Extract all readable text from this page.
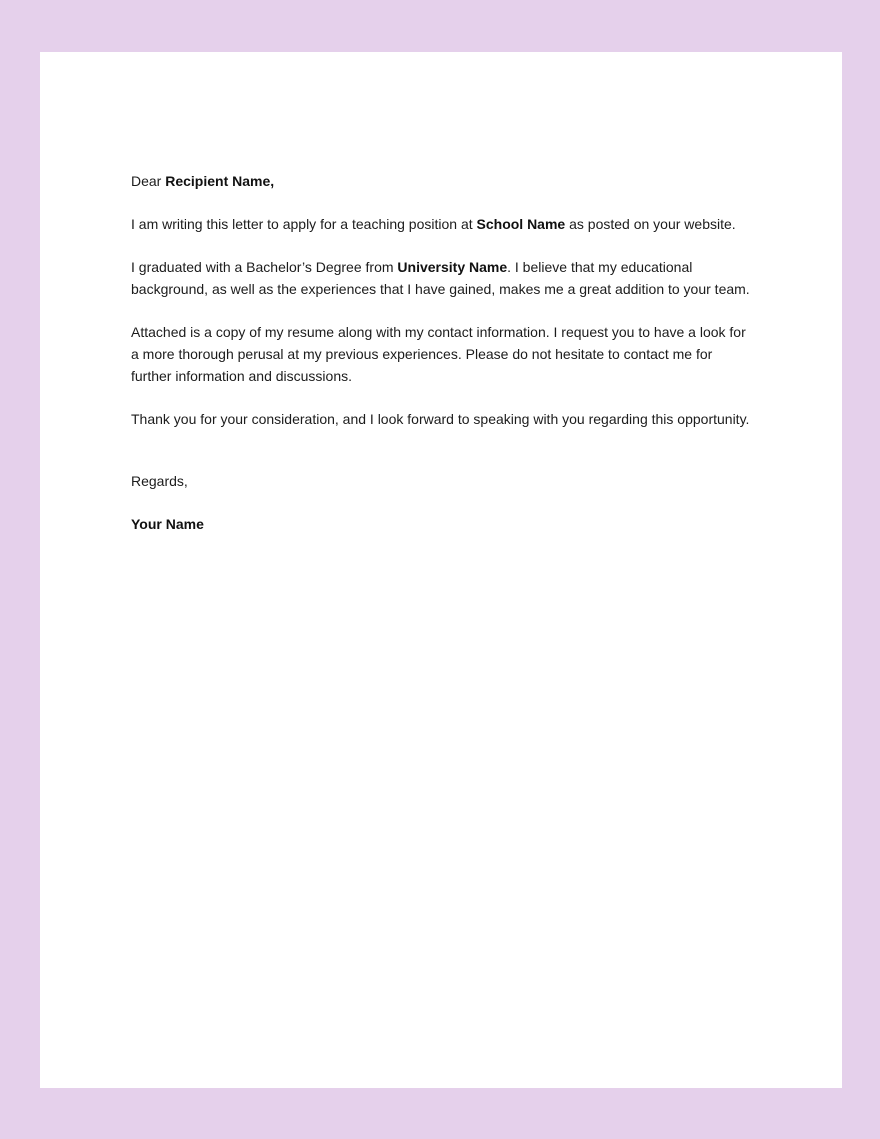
Dear Recipient Name,

I am writing this letter to apply for a teaching position at School Name as posted on your website.

I graduated with a Bachelor’s Degree from University Name. I believe that my educational background, as well as the experiences that I have gained, makes me a great addition to your team.

Attached is a copy of my resume along with my contact information. I request you to have a look for a more thorough perusal at my previous experiences. Please do not hesitate to contact me for further information and discussions.

Thank you for your consideration, and I look forward to speaking with you regarding this opportunity.

Regards,

Your Name
